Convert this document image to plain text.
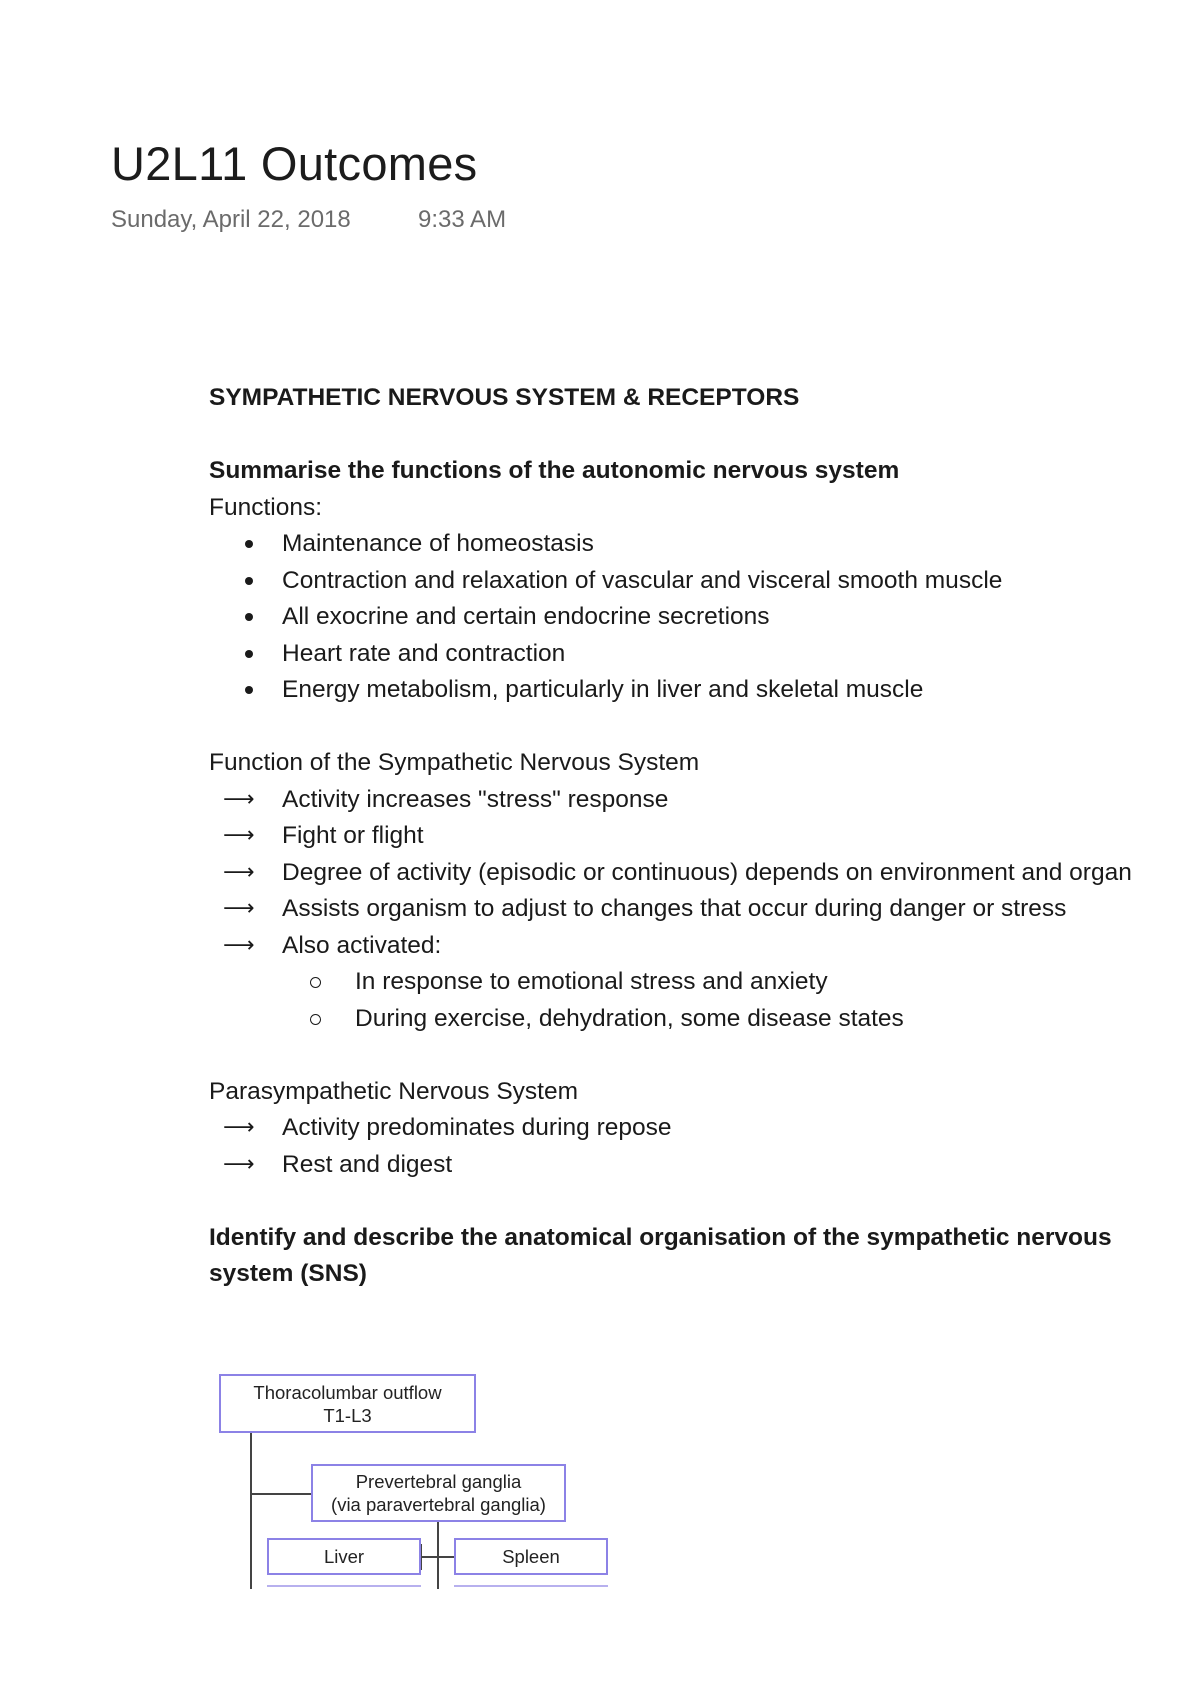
U2L11 Outcomes
Sunday, April 22, 2018	9:33 AM
SYMPATHETIC NERVOUS SYSTEM & RECEPTORS
Summarise the functions of the autonomic nervous system
Functions:
Maintenance of homeostasis
Contraction and relaxation of vascular and visceral smooth muscle
All exocrine and certain endocrine secretions
Heart rate and contraction
Energy metabolism, particularly in liver and skeletal muscle
Function of the Sympathetic Nervous System
⟶ Activity increases "stress" response
⟶ Fight or flight
⟶ Degree of activity (episodic or continuous) depends on environment and organ
⟶ Assists organism to adjust to changes that occur during danger or stress
⟶ Also activated:
In response to emotional stress and anxiety
During exercise, dehydration, some disease states
Parasympathetic Nervous System
⟶ Activity predominates during repose
⟶ Rest and digest
Identify and describe the anatomical organisation of the sympathetic nervous
system (SNS)
Thoracolumbar outflow
T1-L3
Prevertebral ganglia
(via paravertebral ganglia)
Liver	Spleen
